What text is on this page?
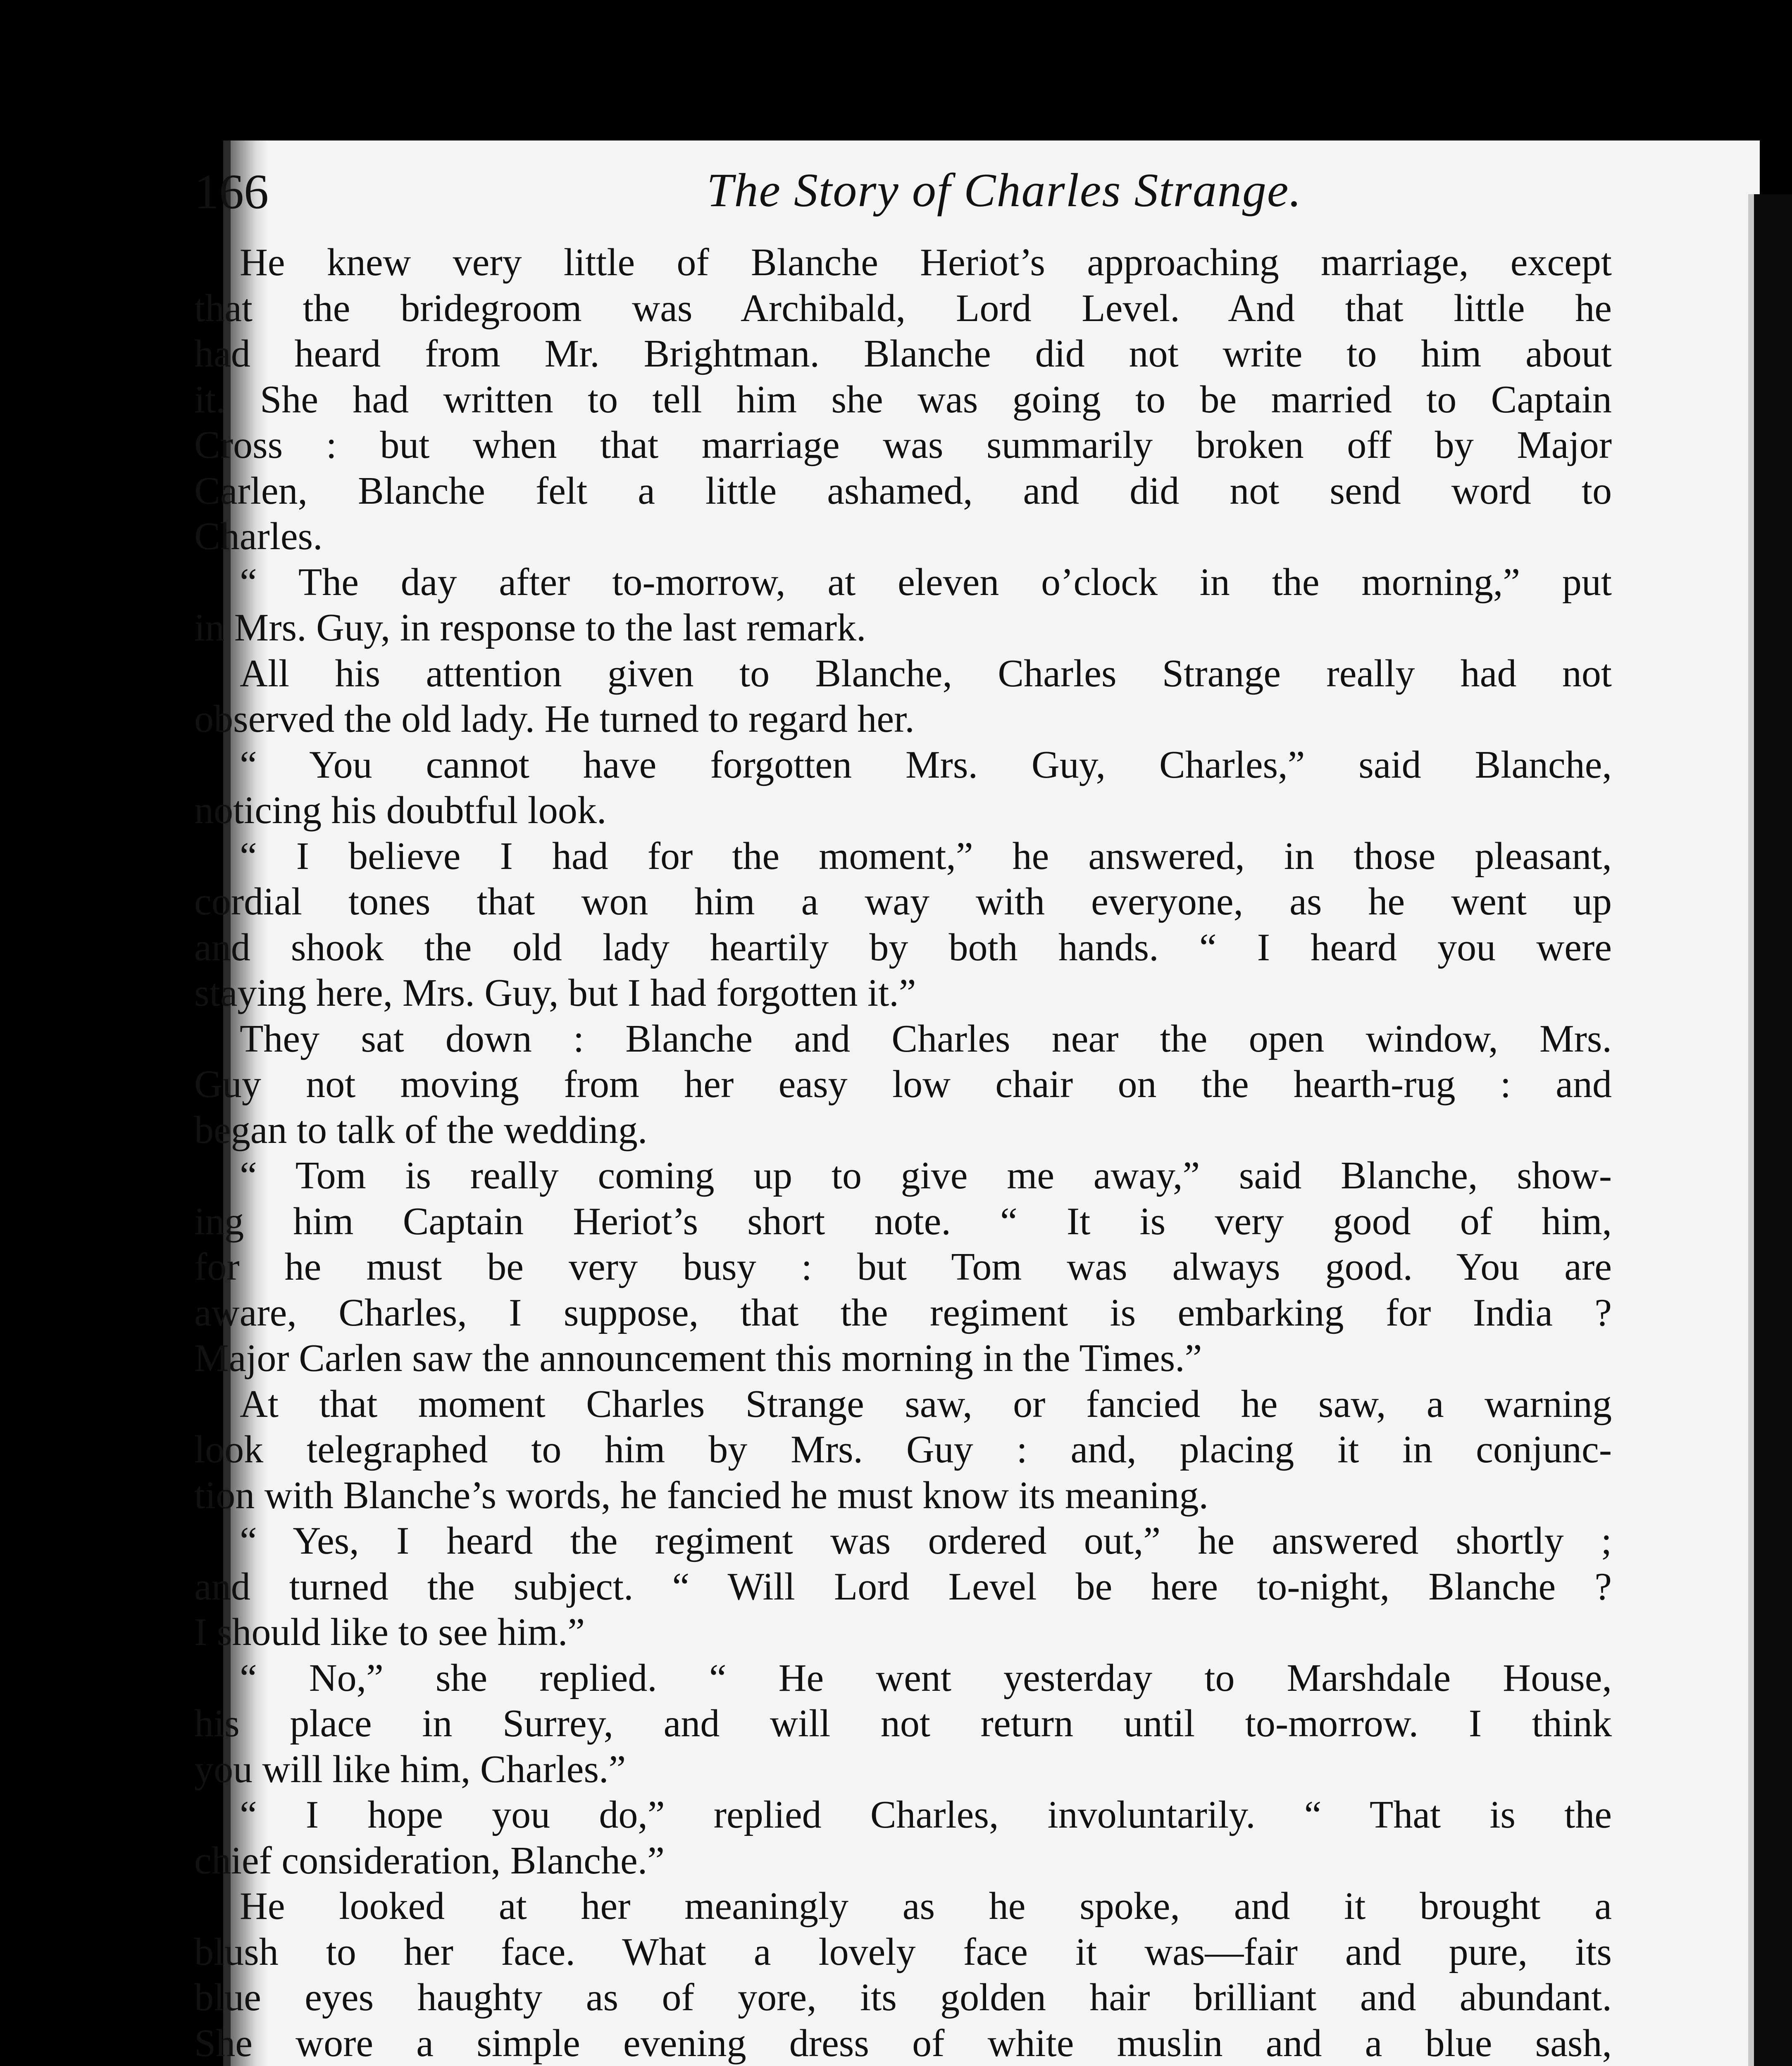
166	The Story of Charles Strange.
He knew very little of Blanche Heriot’s approaching marriage, except
that the bridegroom was Archibald, Lord Level. And that little he
had heard from Mr. Brightman. Blanche did not write to him about
it. She had written to tell him she was going to be married to Captain
Cross : but when that marriage was summarily broken off by Major
Carlen, Blanche felt a little ashamed, and did not send word to
Charles.
“ The day after to-morrow, at eleven o’clock in the morning,” put
in Mrs. Guy, in response to the last remark.
All his attention given to Blanche, Charles Strange really had not
observed the old lady. He turned to regard her.
“ You cannot have forgotten Mrs. Guy, Charles,” said Blanche,
noticing his doubtful look.
“ I believe I had for the moment,” he answered, in those pleasant,
cordial tones that won him a way with everyone, as he went up
and shook the old lady heartily by both hands. “ I heard you were
staying here, Mrs. Guy, but I had forgotten it.”
They sat down : Blanche and Charles near the open window, Mrs.
Guy not moving from her easy low chair on the hearth-rug : and
began to talk of the wedding.
“ Tom is really coming up to give me away,” said Blanche, show-
ing him Captain Heriot’s short note. “ It is very good of him,
for he must be very busy : but Tom was always good. You are
aware, Charles, I suppose, that the regiment is embarking for India ?
Major Carlen saw the announcement this morning in the Times.”
At that moment Charles Strange saw, or fancied he saw, a warning
look telegraphed to him by Mrs. Guy : and, placing it in conjunc-
tion with Blanche’s words, he fancied he must know its meaning.
“ Yes, I heard the regiment was ordered out,” he answered shortly ;
and turned the subject. “ Will Lord Level be here to-night, Blanche ?
I should like to see him.”
“ No,” she replied. “ He went yesterday to Marshdale House,
his place in Surrey, and will not return until to-morrow. I think
you will like him, Charles.”
“ I hope you do,” replied Charles, involuntarily. “ That is the
chief consideration, Blanche.”
He looked at her meaningly as he spoke, and it brought a
blush to her face. What a lovely face it was—fair and pure, its
blue eyes haughty as of yore, its golden hair brilliant and abundant.
She wore a simple evening dress of white muslin and a blue sash,
